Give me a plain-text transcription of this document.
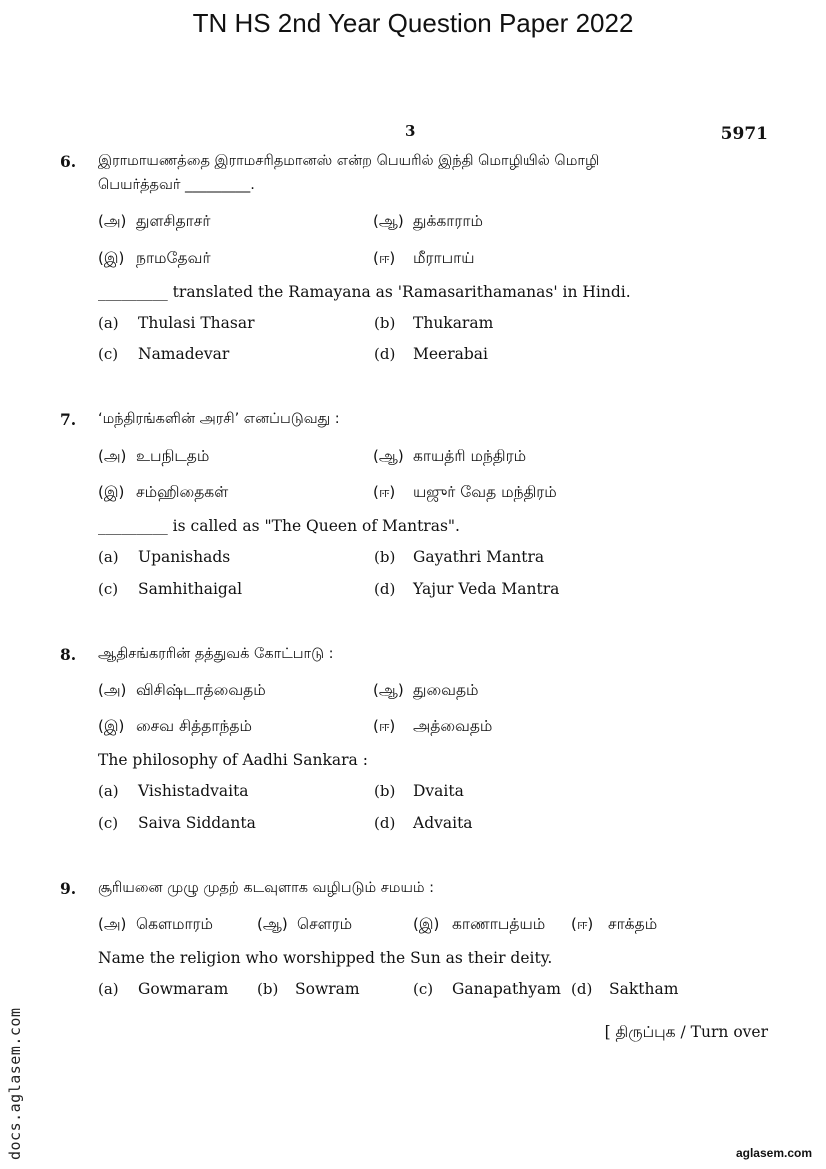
TN HS 2nd Year Question Paper 2022
3	5971
6. இராமாயணத்தை இராமசரிதமானஸ் என்ற பெயரில் இந்தி மொழியில் மொழி
பெயர்த்தவர் _________.
(அ) துளசிதாசர்	(ஆ) துக்காராம்
(இ) நாமதேவர்	(ஈ) மீராபாய்
_________ translated the Ramayana as 'Ramasarithamanas' in Hindi.
(a) Thulasi Thasar	(b) Thukaram
(c) Namadevar	(d) Meerabai
7. ‘மந்திரங்களின் அரசி’ எனப்படுவது :
(அ) உபநிடதம்	(ஆ) காயத்ரி மந்திரம்
(இ) சம்ஹிதைகள்	(ஈ) யஜுர் வேத மந்திரம்
_________ is called as "The Queen of Mantras".
(a) Upanishads	(b) Gayathri Mantra
(c) Samhithaigal	(d) Yajur Veda Mantra
8. ஆதிசங்கரரின் தத்துவக் கோட்பாடு :
(அ) விசிஷ்டாத்வைதம்	(ஆ) துவைதம்
(இ) சைவ சித்தாந்தம்	(ஈ) அத்வைதம்
The philosophy of Aadhi Sankara :
(a) Vishistadvaita	(b) Dvaita
(c) Saiva Siddanta	(d) Advaita
9. சூரியனை முழு முதற் கடவுளாக வழிபடும் சமயம் :
(அ) கௌமாரம்	(ஆ) சௌரம்	(இ) காணாபத்யம் (ஈ) சாக்தம்
Name the religion who worshipped the Sun as their deity.
(a) Gowmaram (b) Sowram	(c) Ganapathyam (d) Saktham
[ திருப்புக / Turn over
docs.aglasem.com	aglasem.com
